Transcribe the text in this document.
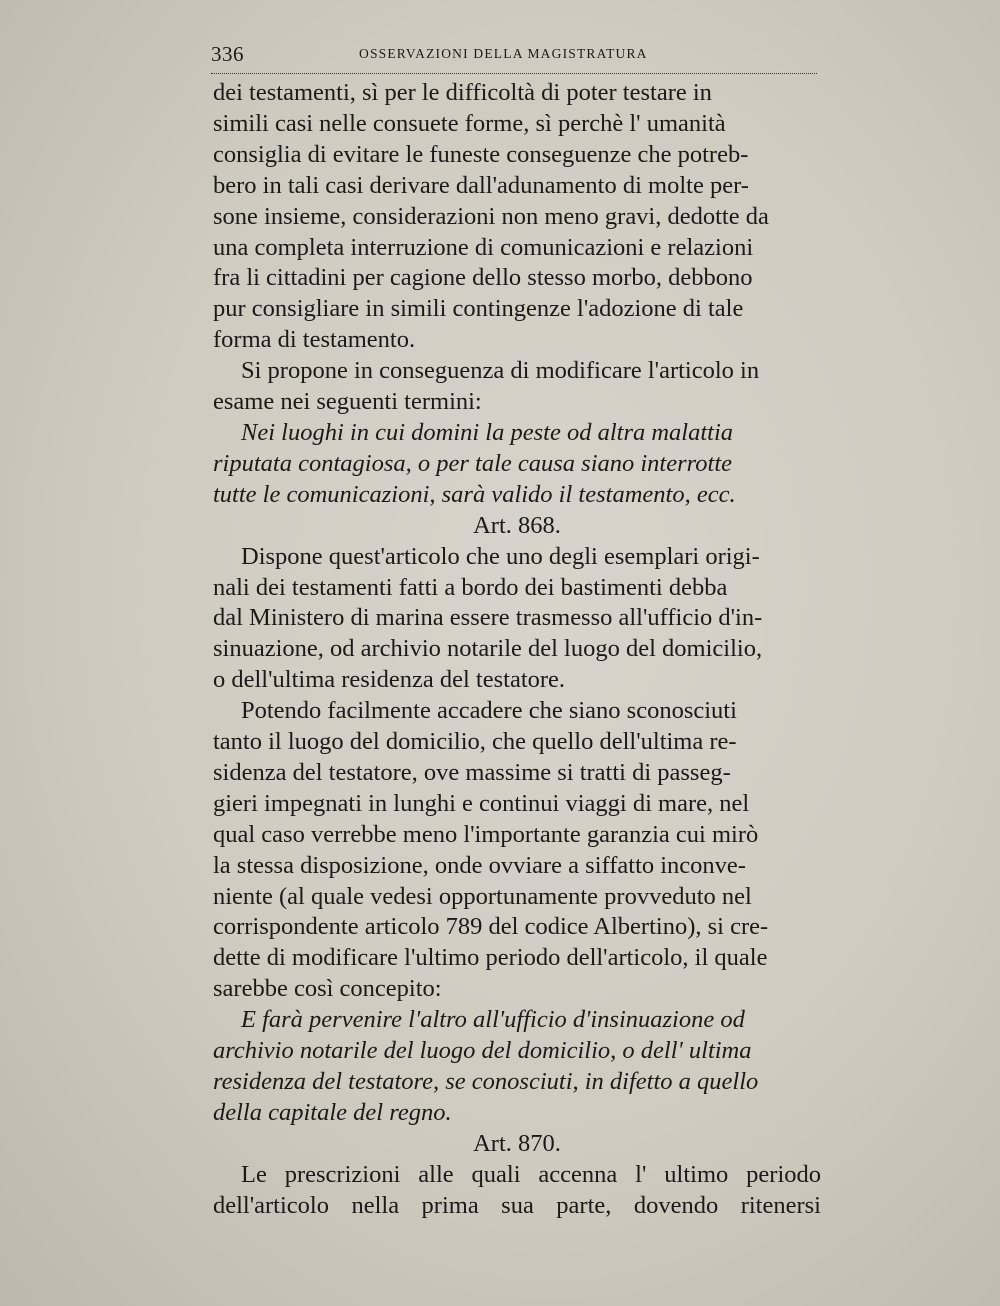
336	OSSERVAZIONI DELLA MAGISTRATURA
dei testamenti, sì per le difficoltà di poter testare in
simili casi nelle consuete forme, sì perchè l' umanità
consiglia di evitare le funeste conseguenze che potreb-
bero in tali casi derivare dall'adunamento di molte per-
sone insieme, considerazioni non meno gravi, dedotte da
una completa interruzione di comunicazioni e relazioni
fra li cittadini per cagione dello stesso morbo, debbono
pur consigliare in simili contingenze l'adozione di tale
forma di testamento.
Si propone in conseguenza di modificare l'articolo in
esame nei seguenti termini:
Nei luoghi in cui domini la peste od altra malattia
riputata contagiosa, o per tale causa siano interrotte
tutte le comunicazioni, sarà valido il testamento, ecc.

Art. 868.

Dispone quest'articolo che uno degli esemplari origi-
nali dei testamenti fatti a bordo dei bastimenti debba
dal Ministero di marina essere trasmesso all'ufficio d'in-
sinuazione, od archivio notarile del luogo del domicilio,
o dell'ultima residenza del testatore.
Potendo facilmente accadere che siano sconosciuti
tanto il luogo del domicilio, che quello dell'ultima re-
sidenza del testatore, ove massime si tratti di passeg-
gieri impegnati in lunghi e continui viaggi di mare, nel
qual caso verrebbe meno l'importante garanzia cui mirò
la stessa disposizione, onde ovviare a siffatto inconve-
niente (al quale vedesi opportunamente provveduto nel
corrispondente articolo 789 del codice Albertino), si cre-
dette di modificare l'ultimo periodo dell'articolo, il quale
sarebbe così concepito:
E farà pervenire l'altro all'ufficio d'insinuazione od
archivio notarile del luogo del domicilio, o dell' ultima
residenza del testatore, se conosciuti, in difetto a quello
della capitale del regno.

Art. 870.

Le prescrizioni alle quali accenna l' ultimo periodo
dell'articolo nella prima sua parte, dovendo ritenersi
